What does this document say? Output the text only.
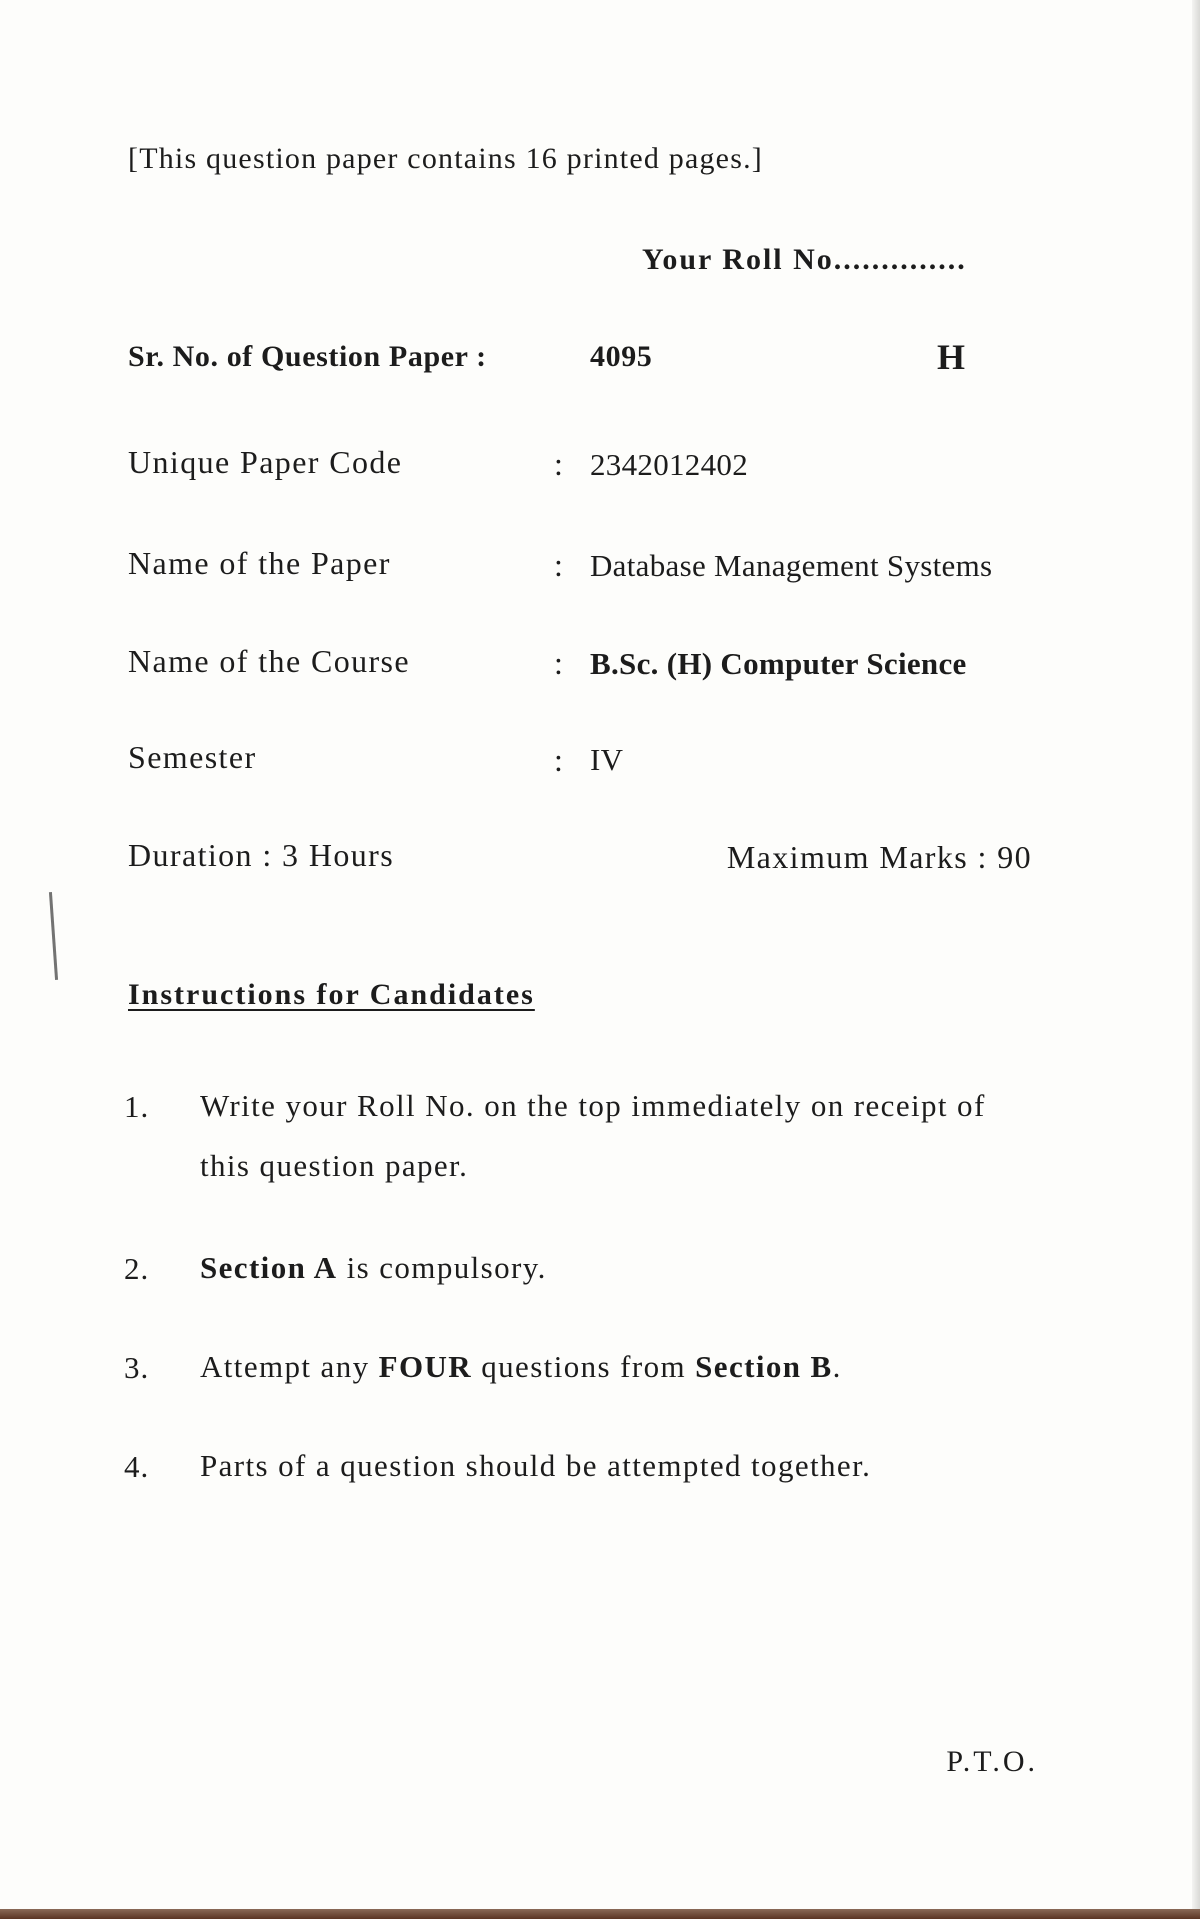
[This question paper contains 16 printed pages.]
Your Roll No..............
Sr. No. of Question Paper :	4095	H
Unique Paper Code	: 2342012402
Name of the Paper	: Database Management Systems
Name of the Course	: B.Sc. (H) Computer Science
Semester	: IV
Duration : 3 Hours	Maximum Marks : 90
Instructions for Candidates
1. Write your Roll No. on the top immediately on receipt of this question paper.
2. Section A is compulsory.
3. Attempt any FOUR questions from Section B.
4. Parts of a question should be attempted together.
P.T.O.
